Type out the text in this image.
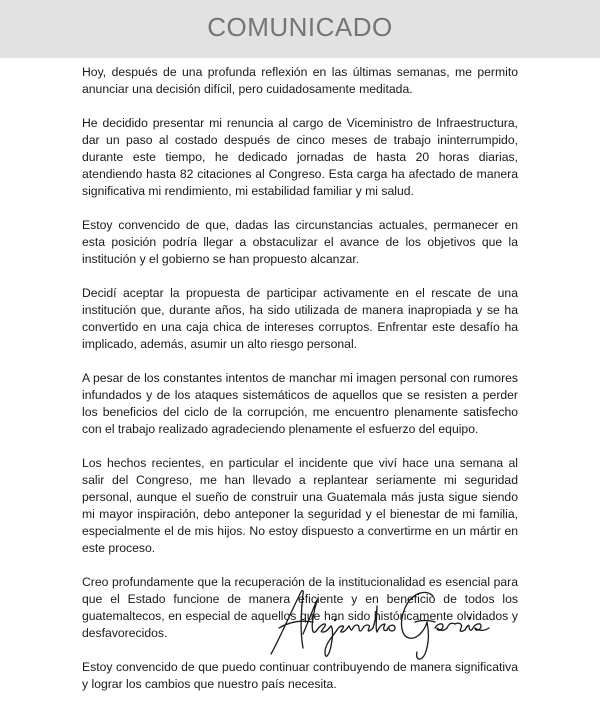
COMUNICADO

Hoy, después de una profunda reflexión en las últimas semanas, me permito anunciar una decisión difícil, pero cuidadosamente meditada.

He decidido presentar mi renuncia al cargo de Viceministro de Infraestructura, dar un paso al costado después de cinco meses de trabajo ininterrumpido, durante este tiempo, he dedicado jornadas de hasta 20 horas diarias, atendiendo hasta 82 citaciones al Congreso. Esta carga ha afectado de manera significativa mi rendimiento, mi estabilidad familiar y mi salud.

Estoy convencido de que, dadas las circunstancias actuales, permanecer en esta posición podría llegar a obstaculizar el avance de los objetivos que la institución y el gobierno se han propuesto alcanzar.

Decidí aceptar la propuesta de participar activamente en el rescate de una institución que, durante años, ha sido utilizada de manera inapropiada y se ha convertido en una caja chica de intereses corruptos. Enfrentar este desafío ha implicado, además, asumir un alto riesgo personal.

A pesar de los constantes intentos de manchar mi imagen personal con rumores infundados y de los ataques sistemáticos de aquellos que se resisten a perder los beneficios del ciclo de la corrupción, me encuentro plenamente satisfecho con el trabajo realizado agradeciendo plenamente el esfuerzo del equipo.

Los hechos recientes, en particular el incidente que viví hace una semana al salir del Congreso, me han llevado a replantear seriamente mi seguridad personal, aunque el sueño de construir una Guatemala más justa sigue siendo mi mayor inspiración, debo anteponer la seguridad y el bienestar de mi familia, especialmente el de mis hijos. No estoy dispuesto a convertirme en un mártir en este proceso.

Creo profundamente que la recuperación de la institucionalidad es esencial para que el Estado funcione de manera eficiente y en beneficio de todos los guatemaltecos, en especial de aquellos que han sido históricamente olvidados y desfavorecidos.

Estoy convencido de que puedo continuar contribuyendo de manera significativa y lograr los cambios que nuestro país necesita.
